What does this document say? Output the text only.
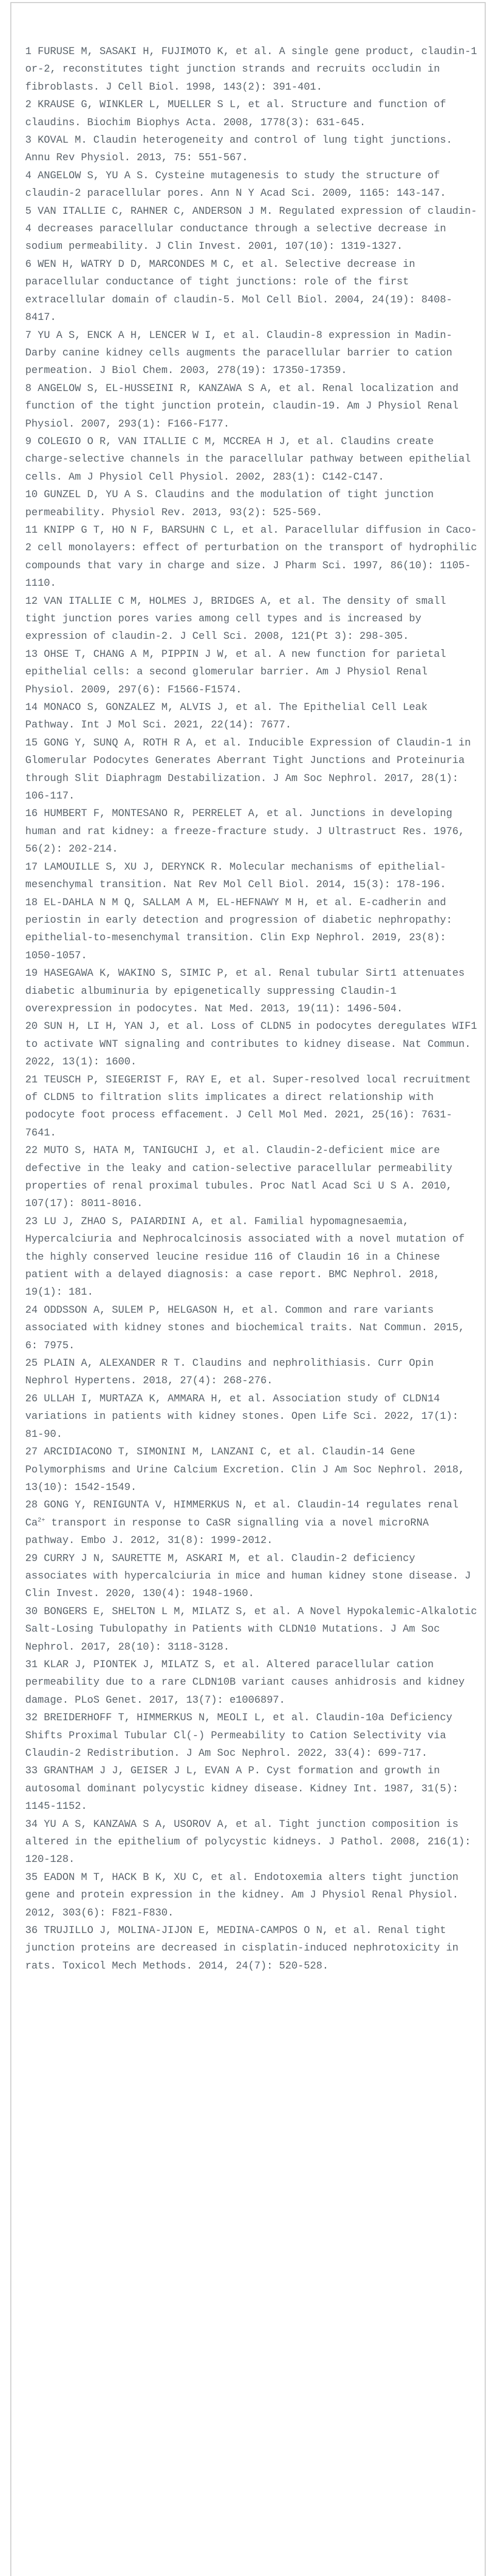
1 FURUSE M, SASAKI H, FUJIMOTO K, et al. A single gene product, claudin-1 or-2, reconstitutes tight junction strands and recruits occludin in fibroblasts. J Cell Biol. 1998, 143(2): 391-401.

2 KRAUSE G, WINKLER L, MUELLER S L, et al. Structure and function of claudins. Biochim Biophys Acta. 2008, 1778(3): 631-645.

3 KOVAL M. Claudin heterogeneity and control of lung tight junctions. Annu Rev Physiol. 2013, 75: 551-567.

4 ANGELOW S, YU A S. Cysteine mutagenesis to study the structure of claudin-2 paracellular pores. Ann N Y Acad Sci. 2009, 1165: 143-147.

5 VAN ITALLIE C, RAHNER C, ANDERSON J M. Regulated expression of claudin-4 decreases paracellular conductance through a selective decrease in sodium permeability. J Clin Invest. 2001, 107(10): 1319-1327.

6 WEN H, WATRY D D, MARCONDES M C, et al. Selective decrease in paracellular conductance of tight junctions: role of the first extracellular domain of claudin-5. Mol Cell Biol. 2004, 24(19): 8408-8417.

7 YU A S, ENCK A H, LENCER W I, et al. Claudin-8 expression in Madin-Darby canine kidney cells augments the paracellular barrier to cation permeation. J Biol Chem. 2003, 278(19): 17350-17359.

8 ANGELOW S, EL-HUSSEINI R, KANZAWA S A, et al. Renal localization and function of the tight junction protein, claudin-19. Am J Physiol Renal Physiol. 2007, 293(1): F166-F177.

9 COLEGIO O R, VAN ITALLIE C M, MCCREA H J, et al. Claudins create charge-selective channels in the paracellular pathway between epithelial cells. Am J Physiol Cell Physiol. 2002, 283(1): C142-C147.

10 GUNZEL D, YU A S. Claudins and the modulation of tight junction permeability. Physiol Rev. 2013, 93(2): 525-569.

11 KNIPP G T, HO N F, BARSUHN C L, et al. Paracellular diffusion in Caco-2 cell monolayers: effect of perturbation on the transport of hydrophilic compounds that vary in charge and size. J Pharm Sci. 1997, 86(10): 1105-1110.

12 VAN ITALLIE C M, HOLMES J, BRIDGES A, et al. The density of small tight junction pores varies among cell types and is increased by expression of claudin-2. J Cell Sci. 2008, 121(Pt 3): 298-305.

13 OHSE T, CHANG A M, PIPPIN J W, et al. A new function for parietal epithelial cells: a second glomerular barrier. Am J Physiol Renal Physiol. 2009, 297(6): F1566-F1574.

14 MONACO S, GONZALEZ M, ALVIS J, et al. The Epithelial Cell Leak Pathway. Int J Mol Sci. 2021, 22(14): 7677.

15 GONG Y, SUNQ A, ROTH R A, et al. Inducible Expression of Claudin-1 in Glomerular Podocytes Generates Aberrant Tight Junctions and Proteinuria through Slit Diaphragm Destabilization. J Am Soc Nephrol. 2017, 28(1): 106-117.

16 HUMBERT F, MONTESANO R, PERRELET A, et al. Junctions in developing human and rat kidney: a freeze-fracture study. J Ultrastruct Res. 1976, 56(2): 202-214.

17 LAMOUILLE S, XU J, DERYNCK R. Molecular mechanisms of epithelial-mesenchymal transition. Nat Rev Mol Cell Biol. 2014, 15(3): 178-196.

18 EL-DAHLA N M Q, SALLAM A M, EL-HEFNAWY M H, et al. E-cadherin and periostin in early detection and progression of diabetic nephropathy: epithelial-to-mesenchymal transition. Clin Exp Nephrol. 2019, 23(8): 1050-1057.

19 HASEGAWA K, WAKINO S, SIMIC P, et al. Renal tubular Sirt1 attenuates diabetic albuminuria by epigenetically suppressing Claudin-1 overexpression in podocytes. Nat Med. 2013, 19(11): 1496-504.

20 SUN H, LI H, YAN J, et al. Loss of CLDN5 in podocytes deregulates WIF1 to activate WNT signaling and contributes to kidney disease. Nat Commun. 2022, 13(1): 1600.

21 TEUSCH P, SIEGERIST F, RAY E, et al. Super-resolved local recruitment of CLDN5 to filtration slits implicates a direct relationship with podocyte foot process effacement. J Cell Mol Med. 2021, 25(16): 7631-7641.

22 MUTO S, HATA M, TANIGUCHI J, et al. Claudin-2-deficient mice are defective in the leaky and cation-selective paracellular permeability properties of renal proximal tubules. Proc Natl Acad Sci U S A. 2010, 107(17): 8011-8016.

23 LU J, ZHAO S, PAIARDINI A, et al. Familial hypomagnesaemia, Hypercalciuria and Nephrocalcinosis associated with a novel mutation of the highly conserved leucine residue 116 of Claudin 16 in a Chinese patient with a delayed diagnosis: a case report. BMC Nephrol. 2018, 19(1): 181.

24 ODDSSON A, SULEM P, HELGASON H, et al. Common and rare variants associated with kidney stones and biochemical traits. Nat Commun. 2015, 6: 7975.

25 PLAIN A, ALEXANDER R T. Claudins and nephrolithiasis. Curr Opin Nephrol Hypertens. 2018, 27(4): 268-276.

26 ULLAH I, MURTAZA K, AMMARA H, et al. Association study of CLDN14 variations in patients with kidney stones. Open Life Sci. 2022, 17(1): 81-90.

27 ARCIDIACONO T, SIMONINI M, LANZANI C, et al. Claudin-14 Gene Polymorphisms and Urine Calcium Excretion. Clin J Am Soc Nephrol. 2018, 13(10): 1542-1549.

28 GONG Y, RENIGUNTA V, HIMMERKUS N, et al. Claudin-14 regulates renal $Ca^{2+}$ transport in response to CaSR signalling via a novel microRNA pathway. Embo J. 2012, 31(8): 1999-2012.

29 CURRY J N, SAURETTE M, ASKARI M, et al. Claudin-2 deficiency associates with hypercalciuria in mice and human kidney stone disease. J Clin Invest. 2020, 130(4): 1948-1960.

30 BONGERS E, SHELTON L M, MILATZ S, et al. A Novel Hypokalemic-Alkalotic Salt-Losing Tubulopathy in Patients with CLDN10 Mutations. J Am Soc Nephrol. 2017, 28(10): 3118-3128.

31 KLAR J, PIONTEK J, MILATZ S, et al. Altered paracellular cation permeability due to a rare CLDN10B variant causes anhidrosis and kidney damage. PLoS Genet. 2017, 13(7): e1006897.

32 BREIDERHOFF T, HIMMERKUS N, MEOLI L, et al. Claudin-10a Deficiency Shifts Proximal Tubular Cl(-) Permeability to Cation Selectivity via Claudin-2 Redistribution. J Am Soc Nephrol. 2022, 33(4): 699-717.

33 GRANTHAM J J, GEISER J L, EVAN A P. Cyst formation and growth in autosomal dominant polycystic kidney disease. Kidney Int. 1987, 31(5): 1145-1152.

34 YU A S, KANZAWA S A, USOROV A, et al. Tight junction composition is altered in the epithelium of polycystic kidneys. J Pathol. 2008, 216(1): 120-128.

35 EADON M T, HACK B K, XU C, et al. Endotoxemia alters tight junction gene and protein expression in the kidney. Am J Physiol Renal Physiol. 2012, 303(6): F821-F830.

36 TRUJILLO J, MOLINA-JIJON E, MEDINA-CAMPOS O N, et al. Renal tight junction proteins are decreased in cisplatin-induced nephrotoxicity in rats. Toxicol Mech Methods. 2014, 24(7): 520-528.
